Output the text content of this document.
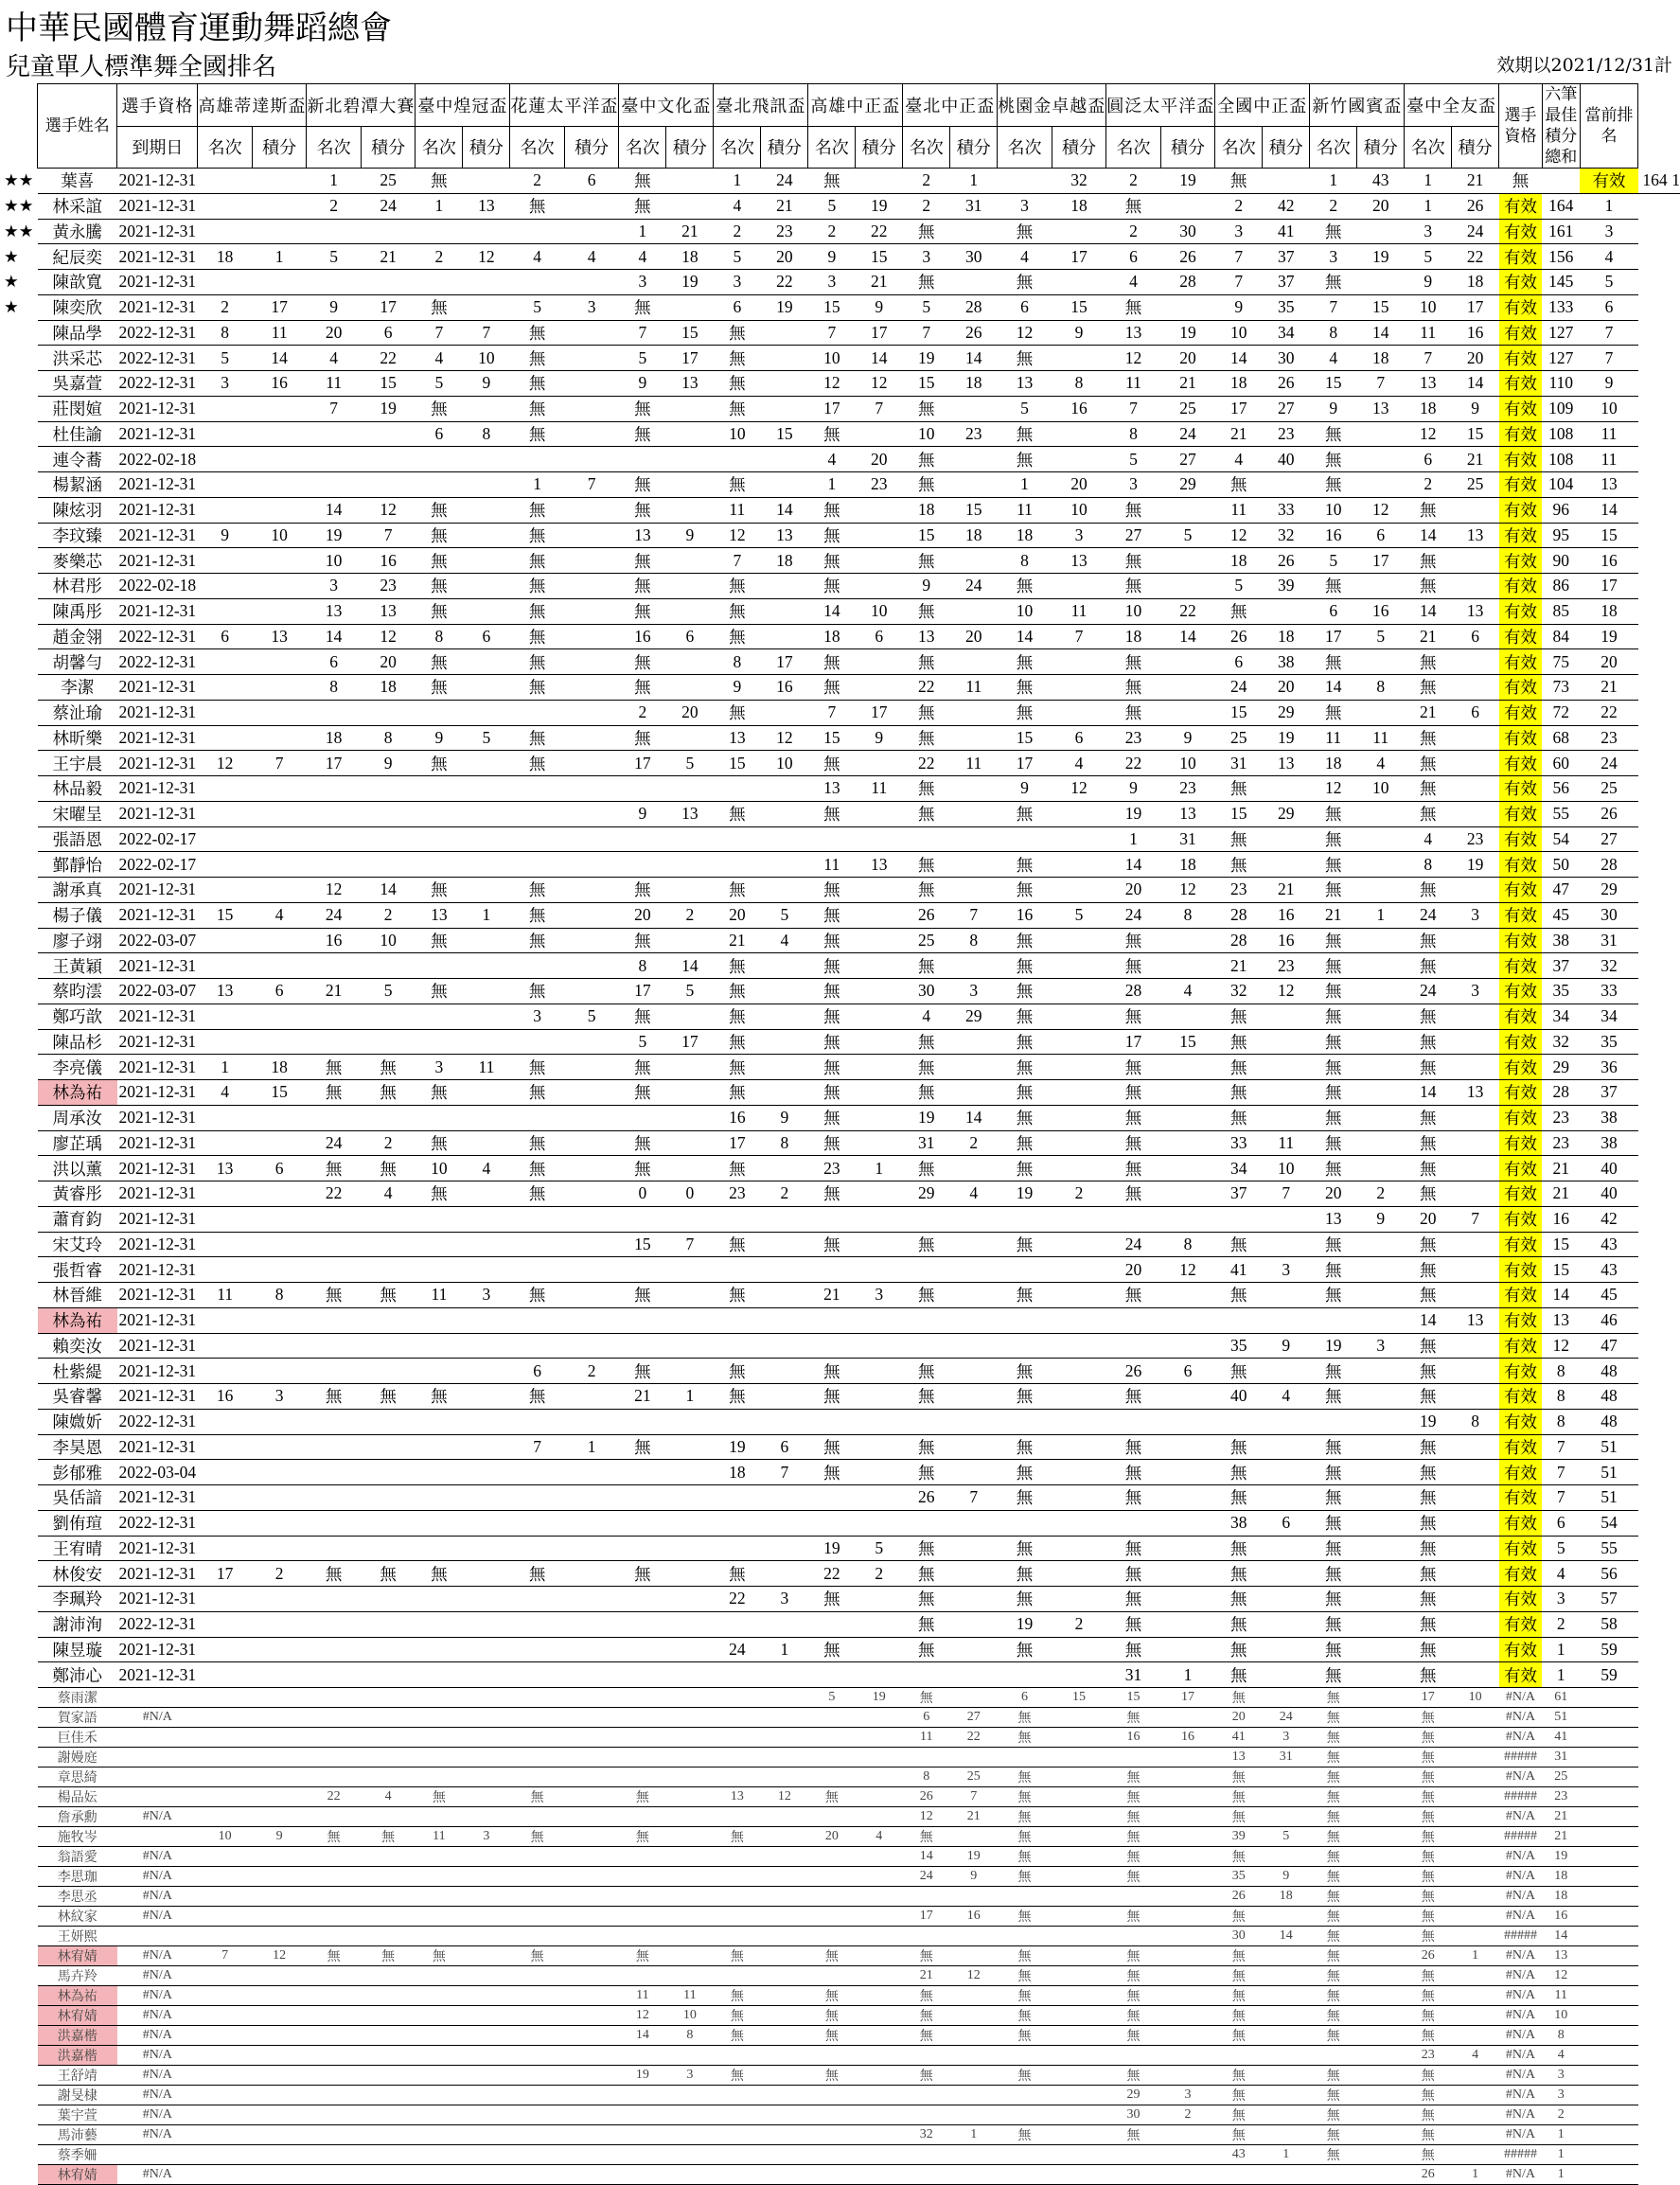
中華民國體育運動舞蹈總會
兒童單人標準舞全國排名	效期以2021/12/31計
	選手姓名	選手資格	高雄蒂達斯盃		新北碧潭大賽		臺中煌冠盃		花蓮太平洋盃		臺中文化盃		臺北飛訊盃		高雄中正盃		臺北中正盃		桃園金卓越盃		圓泛太平洋盃		全國中正盃		新竹國賓盃		臺中全友盃		選手資格	六筆最佳積分總和	當前排名		
		到期日	名次	積分	名次	積分	名次	積分	名次	積分	名次	積分	名次	積分	名次	積分	名次	積分	名次	積分	名次	積分	名次	積分	名次	積分	名次	積分					
★★	葉喜	2021-12-31			1	25	無		2	6	無		1	24	無		2	1		32	2	19	無		1	43	1	21	無		有效	164	1
★★	林采誼	2021-12-31			2	24	1	13	無		無		4	21	5	19	2	31	3	18	無		2	42	2	20	1	26	有效	164	1		
★★	黃永騰	2021-12-31									1	21	2	23	2	22	無		無		2	30	3	41	無		3	24	有效	161	3		
★	紀辰奕	2021-12-31	18	1	5	21	2	12	4	4	4	18	5	20	9	15	3	30	4	17	6	26	7	37	3	19	5	22	有效	156	4		
★	陳歆寬	2021-12-31									3	19	3	22	3	21	無		無		4	28	7	37	無		9	18	有效	145	5		
★	陳奕欣	2021-12-31	2	17	9	17	無		5	3	無		6	19	15	9	5	28	6	15	無		9	35	7	15	10	17	有效	133	6		
	陳品學	2022-12-31	8	11	20	6	7	7	無		7	15	無		7	17	7	26	12	9	13	19	10	34	8	14	11	16	有效	127	7		
	洪采芯	2022-12-31	5	14	4	22	4	10	無		5	17	無		10	14	19	14	無		12	20	14	30	4	18	7	20	有效	127	7		
	吳嘉萱	2022-12-31	3	16	11	15	5	9	無		9	13	無		12	12	15	18	13	8	11	21	18	26	15	7	13	14	有效	110	9		
	莊閔媗	2021-12-31			7	19	無		無		無		無		17	7	無		5	16	7	25	17	27	9	13	18	9	有效	109	10		
	杜佳諭	2021-12-31					6	8	無		無		10	15	無		10	23	無		8	24	21	23	無		12	15	有效	108	11		
	連令蕎	2022-02-18													4	20	無		無		5	27	4	40	無		6	21	有效	108	11		
	楊絜涵	2021-12-31							1	7	無		無		1	23	無		1	20	3	29	無		無		2	25	有效	104	13		
	陳炫羽	2021-12-31			14	12	無		無		無		11	14	無		18	15	11	10	無		11	33	10	12	無		有效	96	14		
	李玟臻	2021-12-31	9	10	19	7	無		無		13	9	12	13	無		15	18	18	3	27	5	12	32	16	6	14	13	有效	95	15		
	麥樂芯	2021-12-31			10	16	無		無		無		7	18	無		無		8	13	無		18	26	5	17	無		有效	90	16		
	林君彤	2022-02-18			3	23	無		無		無		無		無		9	24	無		無		5	39	無		無		有效	86	17		
	陳禹彤	2021-12-31			13	13	無		無		無		無		14	10	無		10	11	10	22	無		6	16	14	13	有效	85	18		
	趙金翎	2022-12-31	6	13	14	12	8	6	無		16	6	無		18	6	13	20	14	7	18	14	26	18	17	5	21	6	有效	84	19		
	胡馨勻	2022-12-31			6	20	無		無		無		8	17	無		無		無		無		6	38	無		無		有效	75	20		
	李潔	2021-12-31			8	18	無		無		無		9	16	無		22	11	無		無		24	20	14	8	無		有效	73	21		
	蔡沚瑜	2021-12-31									2	20	無		7	17	無		無		無		15	29	無		21	6	有效	72	22		
	林昕樂	2021-12-31			18	8	9	5	無		無		13	12	15	9	無		15	6	23	9	25	19	11	11	無		有效	68	23		
	王宇晨	2021-12-31	12	7	17	9	無		無		17	5	15	10	無		22	11	17	4	22	10	31	13	18	4	無		有效	60	24		
	林品毅	2021-12-31													13	11	無		9	12	9	23	無		12	10	無		有效	56	25		
	宋曜呈	2021-12-31									9	13	無		無		無		無		19	13	15	29	無		無		有效	55	26		
	張語恩	2022-02-17																			1	31	無		無		4	23	有效	54	27		
	鄞靜怡	2022-02-17													11	13	無		無		14	18	無		無		8	19	有效	50	28		
	謝承真	2021-12-31			12	14	無		無		無		無		無		無		無		20	12	23	21	無		無		有效	47	29		
	楊子儀	2021-12-31	15	4	24	2	13	1	無		20	2	20	5	無		26	7	16	5	24	8	28	16	21	1	24	3	有效	45	30		
	廖子翊	2022-03-07			16	10	無		無		無		21	4	無		25	8	無		無		28	16	無		無		有效	38	31		
	王黃穎	2021-12-31									8	14	無		無		無		無		無		21	23	無		無		有效	37	32		
	蔡昀澐	2022-03-07	13	6	21	5	無		無		17	5	無		無		30	3	無		28	4	32	12	無		24	3	有效	35	33		
	鄭巧歆	2021-12-31							3	5	無		無		無		4	29	無		無		無		無		無		有效	34	34		
	陳品杉	2021-12-31									5	17	無		無		無		無		17	15	無		無		無		有效	32	35		
	李亮儀	2021-12-31	1	18	無	無	3	11	無		無		無		無		無		無		無		無		無		無		有效	29	36		
	林為祐	2021-12-31	4	15	無	無	無		無		無		無		無		無		無		無		無		無		14	13	有效	28	37		
	周承汝	2021-12-31											16	9	無		19	14	無		無		無		無		無		有效	23	38		
	廖芷瑀	2021-12-31			24	2	無		無		無		17	8	無		31	2	無		無		33	11	無		無		有效	23	38		
	洪以薰	2021-12-31	13	6	無	無	10	4	無		無		無		23	1	無		無		無		34	10	無		無		有效	21	40		
	黃睿彤	2021-12-31			22	4	無		無		0	0	23	2	無		29	4	19	2	無		37	7	20	2	無		有效	21	40		
	蕭育鈞	2021-12-31																							13	9	20	7	有效	16	42		
	宋艾玲	2021-12-31									15	7	無		無		無		無		24	8	無		無		無		有效	15	43		
	張哲睿	2021-12-31																			20	12	41	3	無		無		有效	15	43		
	林晉維	2021-12-31	11	8	無	無	11	3	無		無		無		21	3	無		無		無		無		無		無		有效	14	45		
	林為祐	2021-12-31																									14	13	有效	13	46		
	賴奕汝	2021-12-31																					35	9	19	3	無		有效	12	47		
	杜紫緹	2021-12-31							6	2	無		無		無		無		無		26	6	無		無		無		有效	8	48		
	吳睿馨	2021-12-31	16	3	無	無	無		無		21	1	無		無		無		無		無		40	4	無		無		有效	8	48		
	陳媺妡	2022-12-31																									19	8	有效	8	48		
	李昊恩	2021-12-31							7	1	無		19	6	無		無		無		無		無		無		無		有效	7	51		
	彭郁雅	2022-03-04											18	7	無		無		無		無		無		無		無		有效	7	51		
	吳佸諳	2021-12-31															26	7	無		無		無		無		無		有效	7	51		
	劉侑瑄	2022-12-31																					38	6	無		無		有效	6	54		
	王宥晴	2021-12-31													19	5	無		無		無		無		無		無		有效	5	55		
	林俊安	2021-12-31	17	2	無	無	無		無		無		無		22	2	無		無		無		無		無		無		有效	4	56		
	李珮羚	2021-12-31											22	3	無		無		無		無		無		無		無		有效	3	57		
	謝沛洵	2022-12-31															無		19	2	無		無		無		無		有效	2	58		
	陳昱璇	2021-12-31											24	1	無		無		無		無		無		無		無		有效	1	59		
	鄭沛心	2021-12-31																			31	1	無		無		無		有效	1	59		
	蔡雨潔														5	19	無		6	15	15	17	無		無		17	10	#N/A	61			
	賀家語	#N/A															6	27	無		無		20	24	無		無		#N/A	51			
	巨佳禾																11	22	無		16	16	41	3	無		無		#N/A	41			
	謝嫚庭																						13	31	無		無		#####	31			
	章思綺																8	25	無		無		無		無		無		#N/A	25			
	楊品妘				22	4	無		無		無		13	12	無		26	7	無		無		無		無		無		#####	23			
	詹承勳	#N/A															12	21	無		無		無		無		無		#N/A	21			
	施牧岑		10	9	無	無	11	3	無		無		無		20	4	無		無		無		39	5	無		無		#####	21			
	翁語愛	#N/A															14	19	無		無		無		無		無		#N/A	19			
	李思珈	#N/A															24	9	無		無		35	9	無		無		#N/A	18			
	李思丞	#N/A																					26	18	無		無		#N/A	18			
	林紋家	#N/A															17	16	無		無		無		無		無		#N/A	16			
	王妍熙																						30	14	無		無		#####	14			
	林宥婧	#N/A	7	12	無	無	無		無		無		無		無		無		無		無		無		無		26	1	#N/A	13			
	馬卉羚	#N/A															21	12	無		無		無		無		無		#N/A	12			
	林為祐	#N/A									11	11	無		無		無		無		無		無		無		無		#N/A	11			
	林宥婧	#N/A									12	10	無		無		無		無		無		無		無		無		#N/A	10			
	洪嘉楷	#N/A									14	8	無		無		無		無		無		無		無		無		#N/A	8			
	洪嘉楷	#N/A																									23	4	#N/A	4			
	王舒靖	#N/A									19	3	無		無		無		無		無		無		無		無		#N/A	3			
	謝旻棣	#N/A																			29	3	無		無		無		#N/A	3			
	葉宇萱	#N/A																			30	2	無		無		無		#N/A	2			
	馬沛藝	#N/A															32	1	無		無		無		無		無		#N/A	1			
	蔡季姍																						43	1	無		無		#####	1			
	林宥婧	#N/A																									26	1	#N/A	1			
